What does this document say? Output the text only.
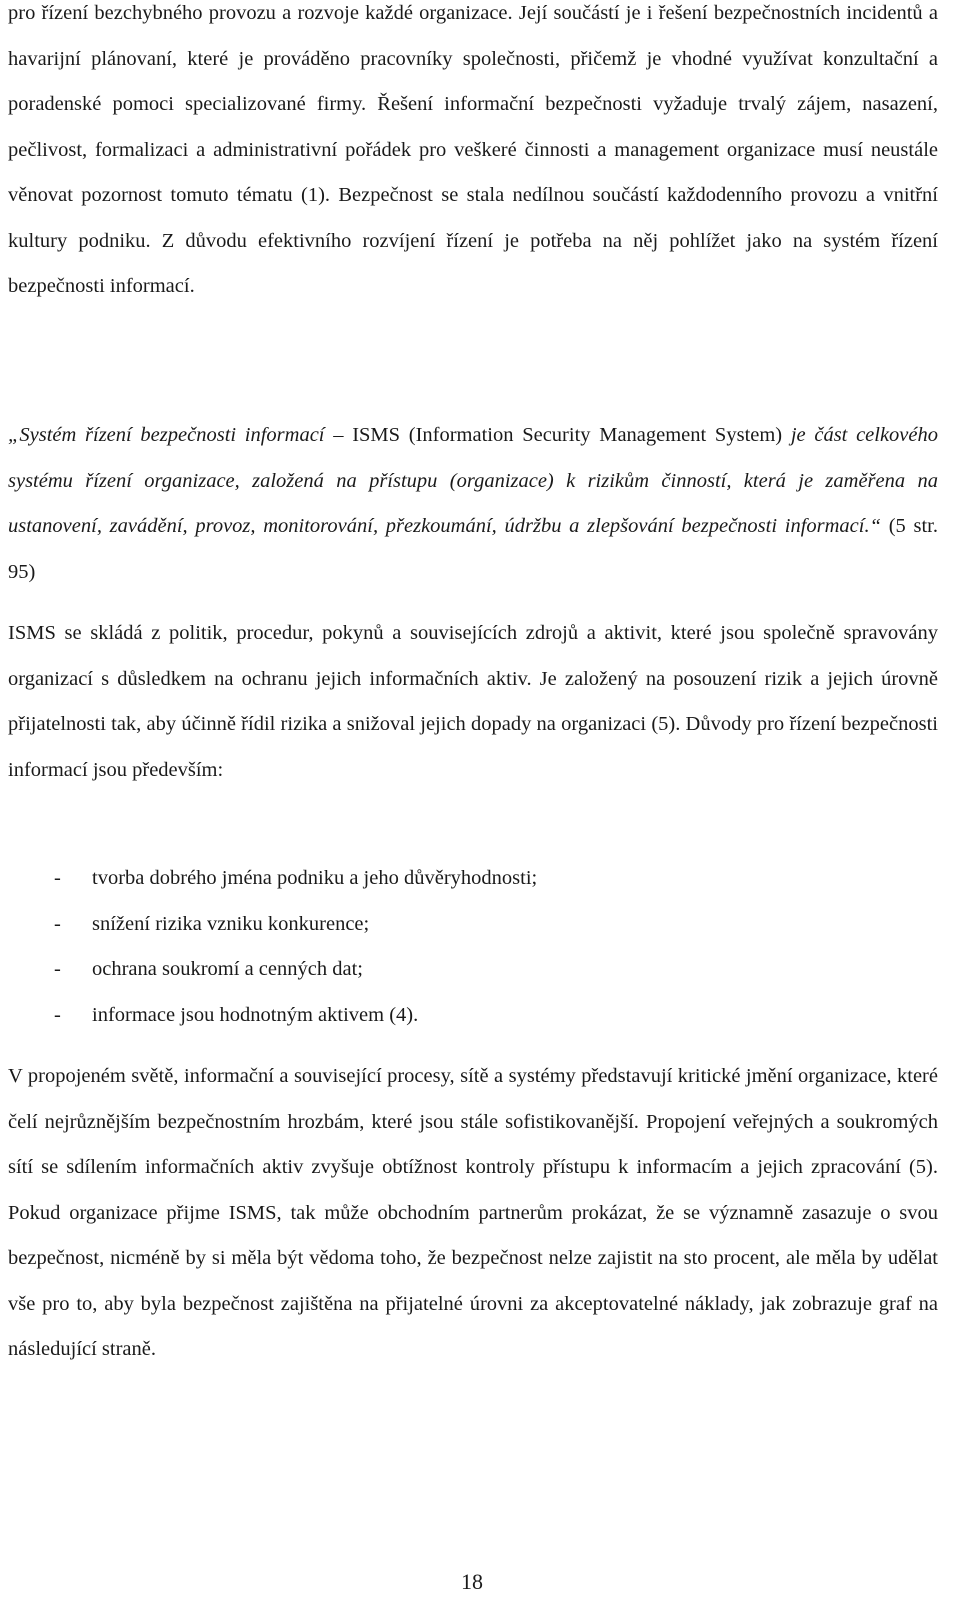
pro řízení bezchybného provozu a rozvoje každé organizace. Její součástí je i řešení bezpečnostních incidentů a havarijní plánovaní, které je prováděno pracovníky společnosti, přičemž je vhodné využívat konzultační a poradenské pomoci specializované firmy. Řešení informační bezpečnosti vyžaduje trvalý zájem, nasazení, pečlivost, formalizaci a administrativní pořádek pro veškeré činnosti a management organizace musí neustále věnovat pozornost tomuto tématu (1). Bezpečnost se stala nedílnou součástí každodenního provozu a vnitřní kultury podniku. Z důvodu efektivního rozvíjení řízení je potřeba na něj pohlížet jako na systém řízení bezpečnosti informací.

„Systém řízení bezpečnosti informací – ISMS (Information Security Management System) je část celkového systému řízení organizace, založená na přístupu (organizace) k rizikům činností, která je zaměřena na ustanovení, zavádění, provoz, monitorování, přezkoumání, údržbu a zlepšování bezpečnosti informací.“ (5 str. 95)

ISMS se skládá z politik, procedur, pokynů a souvisejících zdrojů a aktivit, které jsou společně spravovány organizací s důsledkem na ochranu jejich informačních aktiv. Je založený na posouzení rizik a jejich úrovně přijatelnosti tak, aby účinně řídil rizika a snižoval jejich dopady na organizaci (5). Důvody pro řízení bezpečnosti informací jsou především:

- tvorba dobrého jména podniku a jeho důvěryhodnosti;
- snížení rizika vzniku konkurence;
- ochrana soukromí a cenných dat;
- informace jsou hodnotným aktivem (4).

V propojeném světě, informační a související procesy, sítě a systémy představují kritické jmění organizace, které čelí nejrůznějším bezpečnostním hrozbám, které jsou stále sofistikovanější. Propojení veřejných a soukromých sítí se sdílením informačních aktiv zvyšuje obtížnost kontroly přístupu k informacím a jejich zpracování (5). Pokud organizace přijme ISMS, tak může obchodním partnerům prokázat, že se významně zasazuje o svou bezpečnost, nicméně by si měla být vědoma toho, že bezpečnost nelze zajistit na sto procent, ale měla by udělat vše pro to, aby byla bezpečnost zajištěna na přijatelné úrovni za akceptovatelné náklady, jak zobrazuje graf na následující straně.

18
